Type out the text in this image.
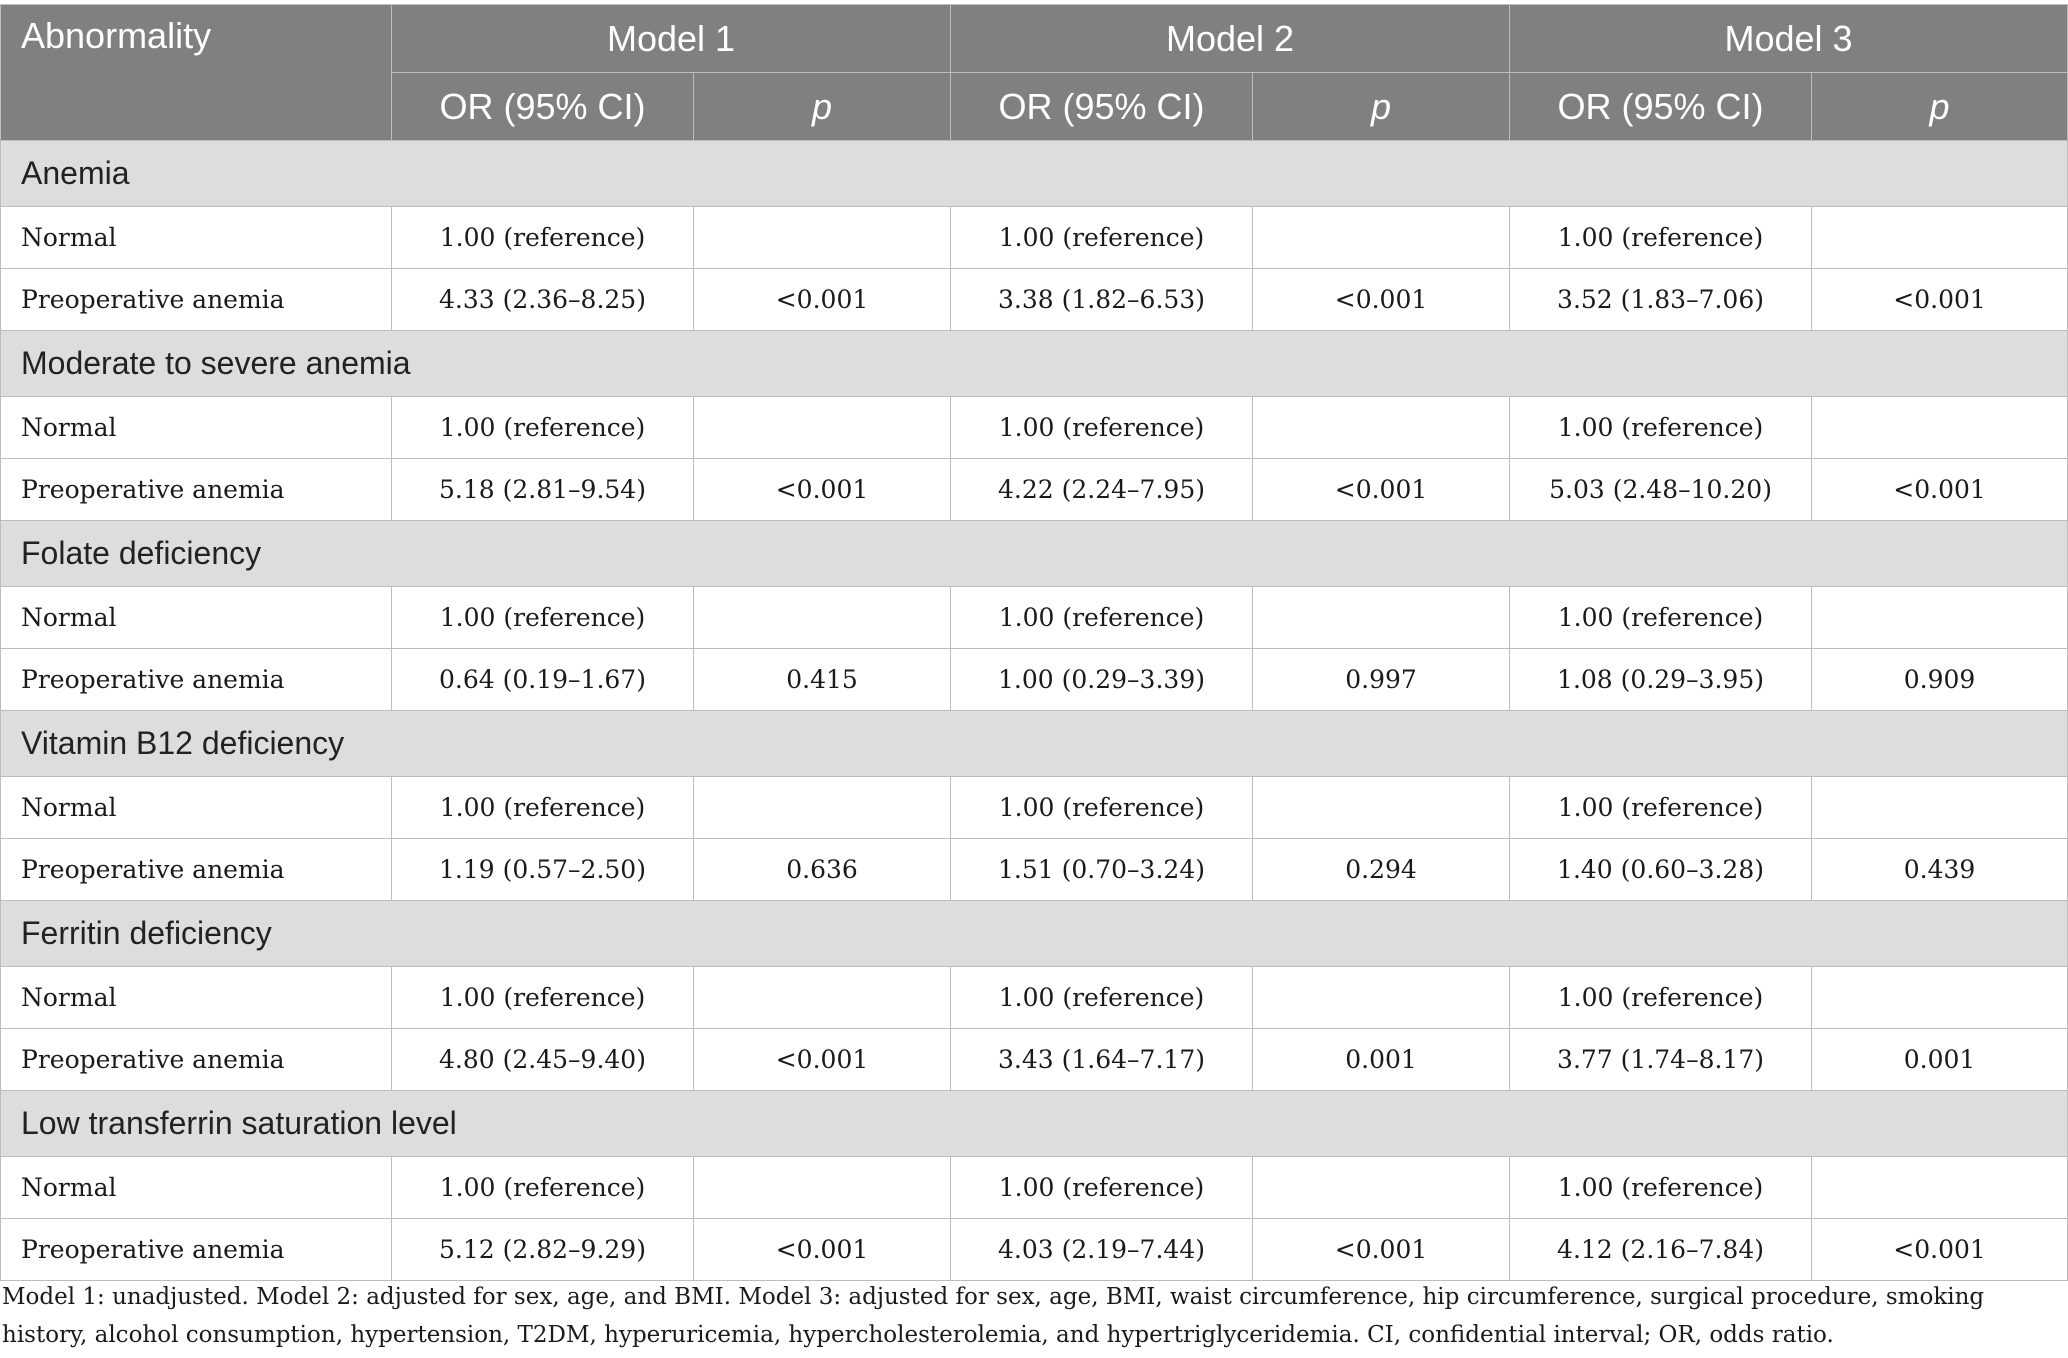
Abnormality	Model 1		Model 2		Model 3	
	OR (95% CI)	p	OR (95% CI)	p	OR (95% CI)	p
Anemia						
Normal	1.00 (reference)		1.00 (reference)		1.00 (reference)	
Preoperative anemia	4.33 (2.36–8.25)	<0.001	3.38 (1.82–6.53)	<0.001	3.52 (1.83–7.06)	<0.001
Moderate to severe anemia						
Normal	1.00 (reference)		1.00 (reference)		1.00 (reference)	
Preoperative anemia	5.18 (2.81–9.54)	<0.001	4.22 (2.24–7.95)	<0.001	5.03 (2.48–10.20)	<0.001
Folate deficiency						
Normal	1.00 (reference)		1.00 (reference)		1.00 (reference)	
Preoperative anemia	0.64 (0.19–1.67)	0.415	1.00 (0.29–3.39)	0.997	1.08 (0.29–3.95)	0.909
Vitamin B12 deficiency						
Normal	1.00 (reference)		1.00 (reference)		1.00 (reference)	
Preoperative anemia	1.19 (0.57–2.50)	0.636	1.51 (0.70–3.24)	0.294	1.40 (0.60–3.28)	0.439
Ferritin deficiency						
Normal	1.00 (reference)		1.00 (reference)		1.00 (reference)	
Preoperative anemia	4.80 (2.45–9.40)	<0.001	3.43 (1.64–7.17)	0.001	3.77 (1.74–8.17)	0.001
Low transferrin saturation level						
Normal	1.00 (reference)		1.00 (reference)		1.00 (reference)	
Preoperative anemia	5.12 (2.82–9.29)	<0.001	4.03 (2.19–7.44)	<0.001	4.12 (2.16–7.84)	<0.001

Model 1: unadjusted. Model 2: adjusted for sex, age, and BMI. Model 3: adjusted for sex, age, BMI, waist circumference, hip circumference, surgical procedure, smoking history, alcohol consumption, hypertension, T2DM, hyperuricemia, hypercholesterolemia, and hypertriglyceridemia. CI, confidential interval; OR, odds ratio.
